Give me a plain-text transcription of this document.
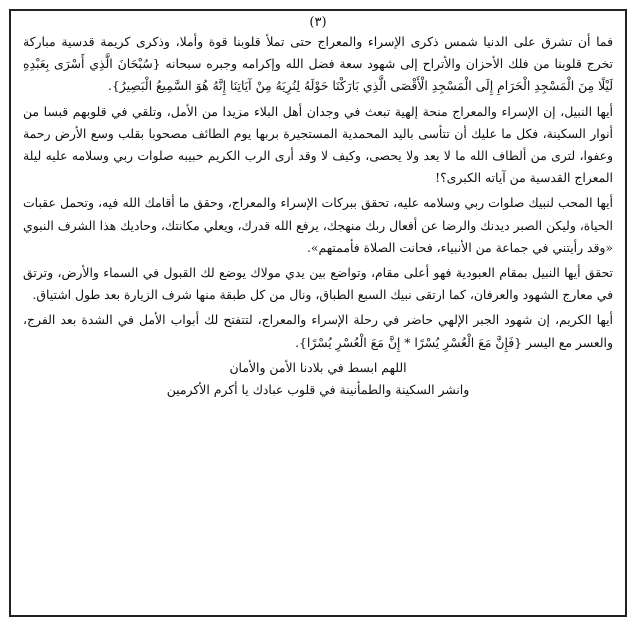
(٣)

فما أن تشرق على الدنيا شمس ذكرى الإسراء والمعراج حتى تملأ قلوبنا قوة وأملا، وذكرى كريمة قدسية مباركة تخرج قلوبنا من فلك الأحزان والأتراح إلى شهود سعة فضل الله وإكرامه وجبره سبحانه {سُبْحَانَ الَّذِي أَسْرَى بِعَبْدِهِ لَيْلًا مِنَ الْمَسْجِدِ الْحَرَامِ إِلَى الْمَسْجِدِ الْأَقْصَى الَّذِي بَارَكْنَا حَوْلَهُ لِنُرِيَهُ مِنْ آيَاتِنَا إِنَّهُ هُوَ السَّمِيعُ الْبَصِيرُ}.

أيها النبيل، إن الإسراء والمعراج منحة إلهية تبعث في وجدان أهل البلاء مزيدا من الأمل، وتلقي في قلوبهم قبسا من أنوار السكينة، فكل ما عليك أن تتأسى باليد المحمدية المستجيرة بربها يوم الطائف مصحوبا بقلب وسع الأرض رحمة وعفوا، لترى من ألطاف الله ما لا يعد ولا يحصى، وكيف لا وقد أرى الرب الكريم حبيبه صلوات ربي وسلامه عليه ليلة المعراج القدسية من آياته الكبرى؟!

أيها المحب لنبيك صلوات ربي وسلامه عليه، تحقق ببركات الإسراء والمعراج، وحقق ما أقامك الله فيه، وتحمل عقبات الحياة، وليكن الصبر ديدنك والرضا عن أفعال ربك منهجك، يرفع الله قدرك، ويعلي مكانتك، وحاديك هذا الشرف النبوي «وقد رأيتني في جماعة من الأنبياء، فحانت الصلاة فأممتهم».

تحقق أيها النبيل بمقام العبودية فهو أعلى مقام، وتواضع بين يدي مولاك يوضع لك القبول في السماء والأرض، وترتق في معارج الشهود والعرفان، كما ارتقى نبيك السبع الطباق، ونال من كل طبقة منها شرف الزيارة بعد طول اشتياق.

أيها الكريم، إن شهود الجبر الإلهي حاضر في رحلة الإسراء والمعراج، لتتفتح لك أبواب الأمل في الشدة بعد الفرج، والعسر مع اليسر {فَإِنَّ مَعَ الْعُسْرِ يُسْرًا * إِنَّ مَعَ الْعُسْرِ يُسْرًا}.

اللهم ابسط في بلادنا الأمن والأمان

وانشر السكينة والطمأنينة في قلوب عبادك يا أكرم الأكرمين
